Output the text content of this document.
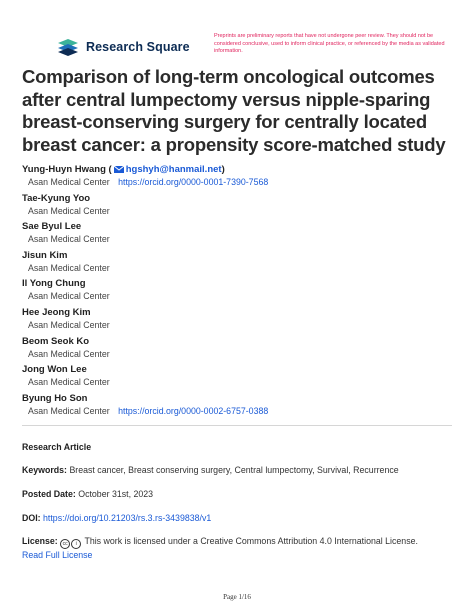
Research Square
Preprints are preliminary reports that have not undergone peer review. They should not be considered conclusive, used to inform clinical practice, or referenced by the media as validated information.
Comparison of long-term oncological outcomes after central lumpectomy versus nipple-sparing breast-conserving surgery for centrally located breast cancer: a propensity score-matched study
Yung-Huyn Hwang ( hgshyh@hanmail.net)
Asan Medical Center https://orcid.org/0000-0001-7390-7568
Tae-Kyung Yoo
Asan Medical Center
Sae Byul Lee
Asan Medical Center
Jisun Kim
Asan Medical Center
Il Yong Chung
Asan Medical Center
Hee Jeong Kim
Asan Medical Center
Beom Seok Ko
Asan Medical Center
Jong Won Lee
Asan Medical Center
Byung Ho Son
Asan Medical Center https://orcid.org/0000-0002-6757-0388
Research Article
Keywords: Breast cancer, Breast conserving surgery, Central lumpectomy, Survival, Recurrence
Posted Date: October 31st, 2023
DOI: https://doi.org/10.21203/rs.3.rs-3439838/v1
License: cc i This work is licensed under a Creative Commons Attribution 4.0 International License.
Read Full License
Page 1/16
